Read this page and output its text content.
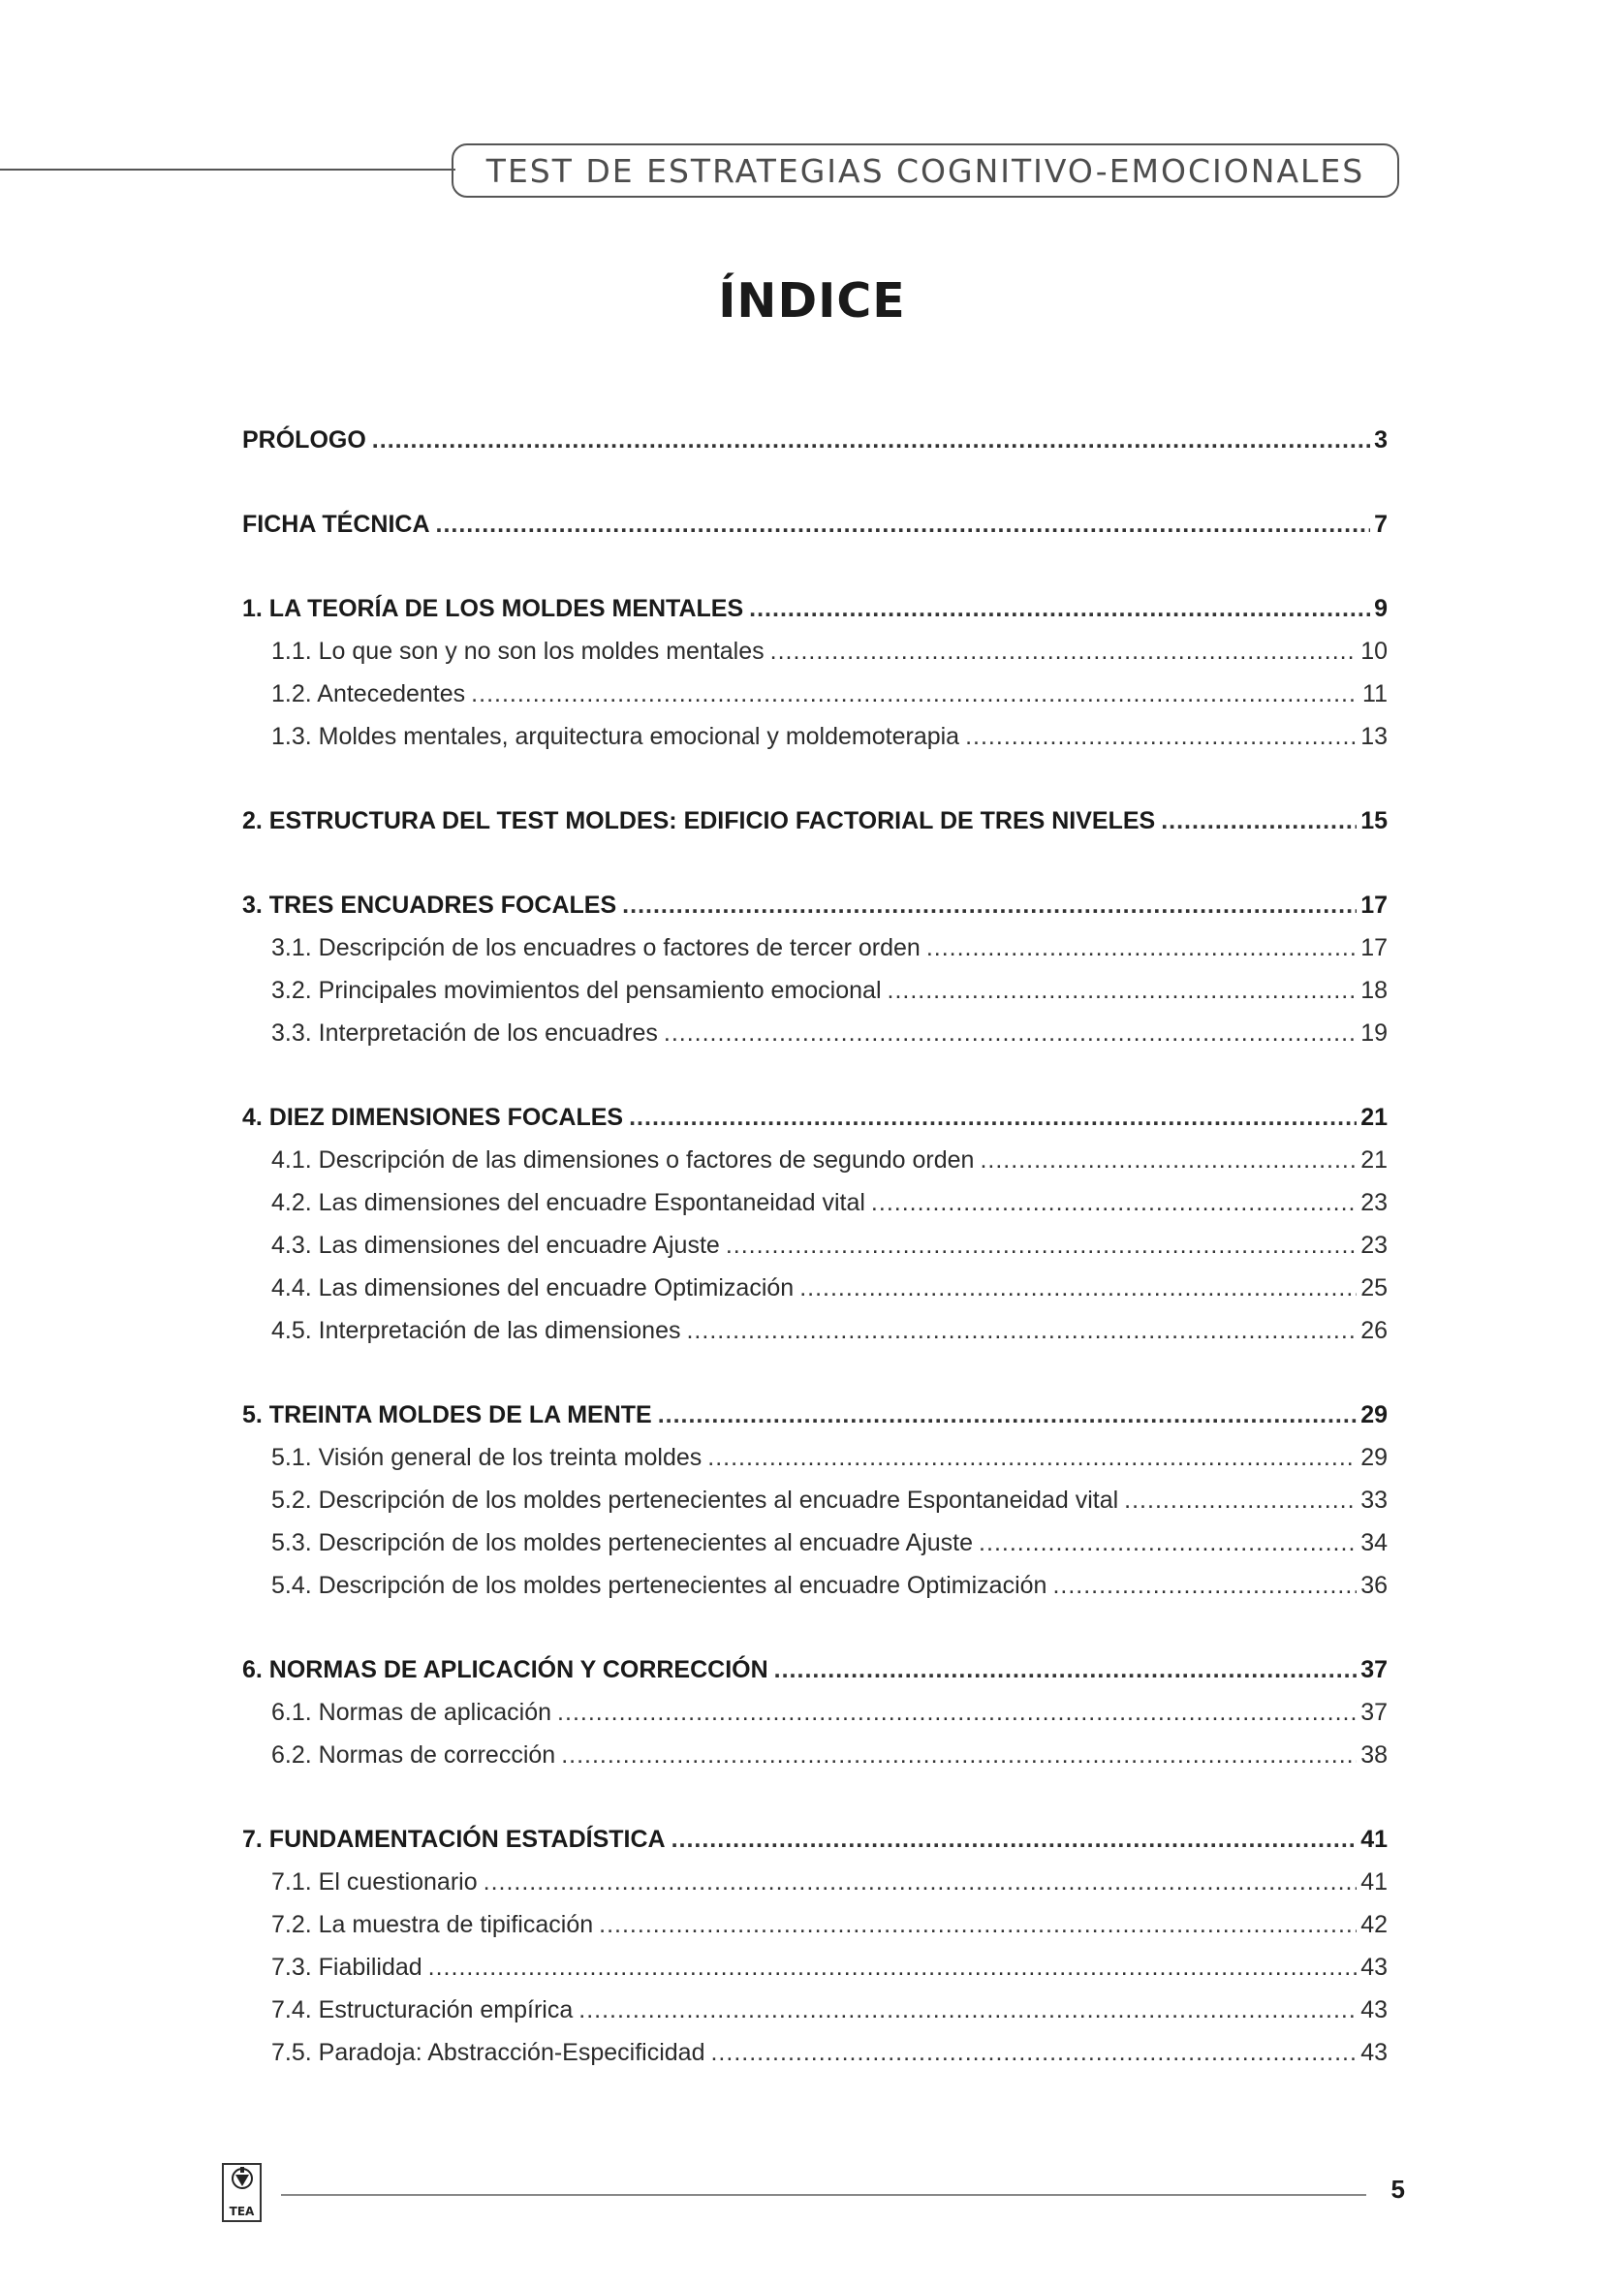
TEST DE ESTRATEGIAS COGNITIVO-EMOCIONALES
ÍNDICE
PRÓLOGO .....	3
FICHA TÉCNICA .....	7
1. LA TEORÍA DE LOS MOLDES MENTALES .....	9
1.1. Lo que son y no son los moldes mentales .....	10
1.2. Antecedentes .....	11
1.3. Moldes mentales, arquitectura emocional y moldemoterapia .....	13
2. ESTRUCTURA DEL TEST MOLDES: EDIFICIO FACTORIAL DE TRES NIVELES .....	15
3. TRES ENCUADRES FOCALES .....	17
3.1. Descripción de los encuadres o factores de tercer orden .....	17
3.2. Principales movimientos del pensamiento emocional .....	18
3.3. Interpretación de los encuadres .....	19
4. DIEZ DIMENSIONES FOCALES .....	21
4.1. Descripción de las dimensiones o factores de segundo orden .....	21
4.2. Las dimensiones del encuadre Espontaneidad vital .....	23
4.3. Las dimensiones del encuadre Ajuste .....	23
4.4. Las dimensiones del encuadre Optimización .....	25
4.5. Interpretación de las dimensiones .....	26
5. TREINTA MOLDES DE LA MENTE .....	29
5.1. Visión general de los treinta moldes .....	29
5.2. Descripción de los moldes pertenecientes al encuadre Espontaneidad vital .....	33
5.3. Descripción de los moldes pertenecientes al encuadre Ajuste .....	34
5.4. Descripción de los moldes pertenecientes al encuadre Optimización .....	36
6. NORMAS DE APLICACIÓN Y CORRECCIÓN .....	37
6.1. Normas de aplicación .....	37
6.2. Normas de corrección .....	38
7. FUNDAMENTACIÓN ESTADÍSTICA .....	41
7.1. El cuestionario .....	41
7.2. La muestra de tipificación .....	42
7.3. Fiabilidad .....	43
7.4. Estructuración empírica .....	43
7.5. Paradoja: Abstracción-Especificidad .....	43
TEA
5
